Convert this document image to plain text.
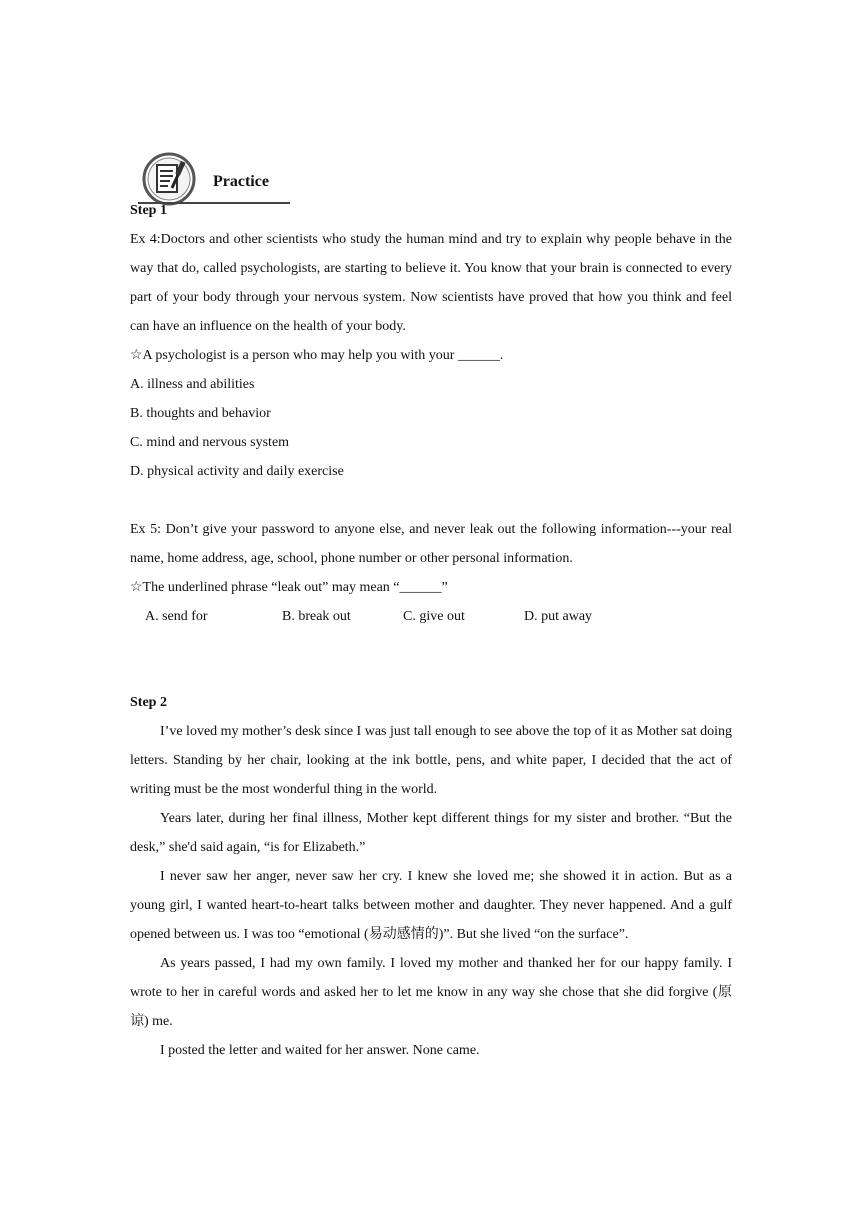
Practice

Step 1

Ex 4:Doctors and other scientists who study the human mind and try to explain why people behave in the way that do, called psychologists, are starting to believe it. You know that your brain is connected to every part of your body through your nervous system. Now scientists have proved that how you think and feel can have an influence on the health of your body.

☆A psychologist is a person who may help you with your ______.

A. illness and abilities

B. thoughts and behavior

C. mind and nervous system

D. physical activity and daily exercise

Ex 5: Don’t give your password to anyone else, and never leak out the following information---your real name, home address, age, school, phone number or other personal information.

☆The underlined phrase “leak out” may mean “______”

A. send for	B. break out	C. give out	D. put away

Step 2

I’ve loved my mother’s desk since I was just tall enough to see above the top of it as Mother sat doing letters. Standing by her chair, looking at the ink bottle, pens, and white paper, I decided that the act of writing must be the most wonderful thing in the world.

Years later, during her final illness, Mother kept different things for my sister and brother. “But the desk,” she'd said again, “is for Elizabeth.”

I never saw her anger, never saw her cry. I knew she loved me; she showed it in action. But as a young girl, I wanted heart-to-heart talks between mother and daughter. They never happened. And a gulf opened between us. I was too “emotional (易动感情的)”. But she lived “on the surface”.

As years passed, I had my own family. I loved my mother and thanked her for our happy family. I wrote to her in careful words and asked her to let me know in any way she chose that she did forgive (原谅) me.

I posted the letter and waited for her answer. None came.
